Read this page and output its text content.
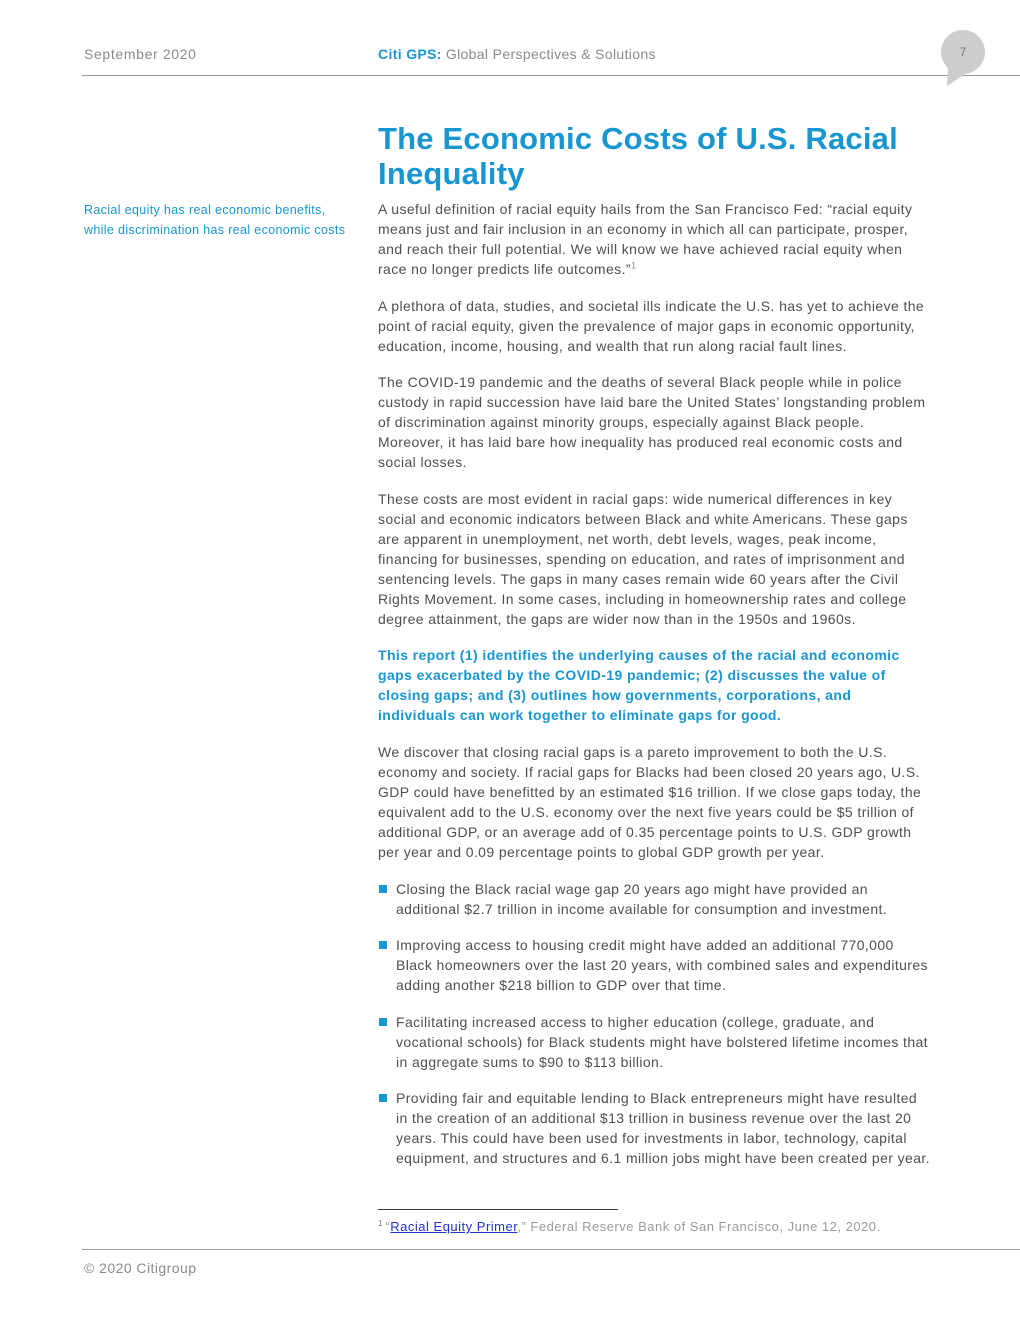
September 2020	Citi GPS: Global Perspectives & Solutions	7
Racial equity has real economic benefits,
while discrimination has real economic costs
The Economic Costs of U.S. Racial Inequality

A useful definition of racial equity hails from the San Francisco Fed: “racial equity
means just and fair inclusion in an economy in which all can participate, prosper,
and reach their full potential. We will know we have achieved racial equity when
race no longer predicts life outcomes.”$^1$

A plethora of data, studies, and societal ills indicate the U.S. has yet to achieve the
point of racial equity, given the prevalence of major gaps in economic opportunity,
education, income, housing, and wealth that run along racial fault lines.

The COVID-19 pandemic and the deaths of several Black people while in police
custody in rapid succession have laid bare the United States’ longstanding problem
of discrimination against minority groups, especially against Black people.
Moreover, it has laid bare how inequality has produced real economic costs and
social losses.

These costs are most evident in racial gaps: wide numerical differences in key
social and economic indicators between Black and white Americans. These gaps
are apparent in unemployment, net worth, debt levels, wages, peak income,
financing for businesses, spending on education, and rates of imprisonment and
sentencing levels. The gaps in many cases remain wide 60 years after the Civil
Rights Movement. In some cases, including in homeownership rates and college
degree attainment, the gaps are wider now than in the 1950s and 1960s.

This report (1) identifies the underlying causes of the racial and economic
gaps exacerbated by the COVID-19 pandemic; (2) discusses the value of
closing gaps; and (3) outlines how governments, corporations, and
individuals can work together to eliminate gaps for good.

We discover that closing racial gaps is a pareto improvement to both the U.S.
economy and society. If racial gaps for Blacks had been closed 20 years ago, U.S.
GDP could have benefitted by an estimated $16 trillion. If we close gaps today, the
equivalent add to the U.S. economy over the next five years could be $5 trillion of
additional GDP, or an average add of 0.35 percentage points to U.S. GDP growth
per year and 0.09 percentage points to global GDP growth per year.

Closing the Black racial wage gap 20 years ago might have provided an
additional $2.7 trillion in income available for consumption and investment.
Improving access to housing credit might have added an additional 770,000
Black homeowners over the last 20 years, with combined sales and expenditures
adding another $218 billion to GDP over that time.
Facilitating increased access to higher education (college, graduate, and
vocational schools) for Black students might have bolstered lifetime incomes that
in aggregate sums to $90 to $113 billion.
Providing fair and equitable lending to Black entrepreneurs might have resulted
in the creation of an additional $13 trillion in business revenue over the last 20
years. This could have been used for investments in labor, technology, capital
equipment, and structures and 6.1 million jobs might have been created per year.
$^1$ “Racial Equity Primer,” Federal Reserve Bank of San Francisco, June 12, 2020.
© 2020 Citigroup
